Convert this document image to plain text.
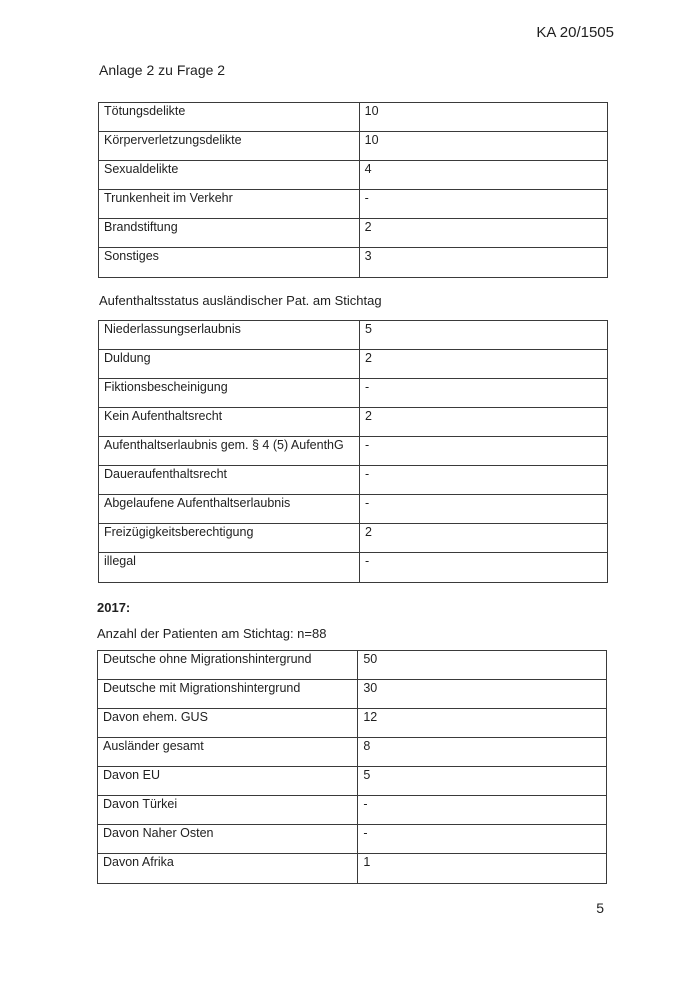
KA 20/1505
Anlage 2 zu Frage 2
Tötungsdelikte	10
Körperverletzungsdelikte	10
Sexualdelikte	4
Trunkenheit im Verkehr	-
Brandstiftung	2
Sonstiges	3
Aufenthaltsstatus ausländischer Pat. am Stichtag
Niederlassungserlaubnis	5
Duldung	2
Fiktionsbescheinigung	-
Kein Aufenthaltsrecht	2
Aufenthaltserlaubnis gem. § 4 (5) AufenthG	-
Daueraufenthaltsrecht	-
Abgelaufene Aufenthaltserlaubnis	-
Freizügigkeitsberechtigung	2
illegal	-
2017:
Anzahl der Patienten am Stichtag: n=88
Deutsche ohne Migrationshintergrund	50
Deutsche mit Migrationshintergrund	30
Davon ehem. GUS	12
Ausländer gesamt	8
Davon EU	5
Davon Türkei	-
Davon Naher Osten	-
Davon Afrika	1
5
